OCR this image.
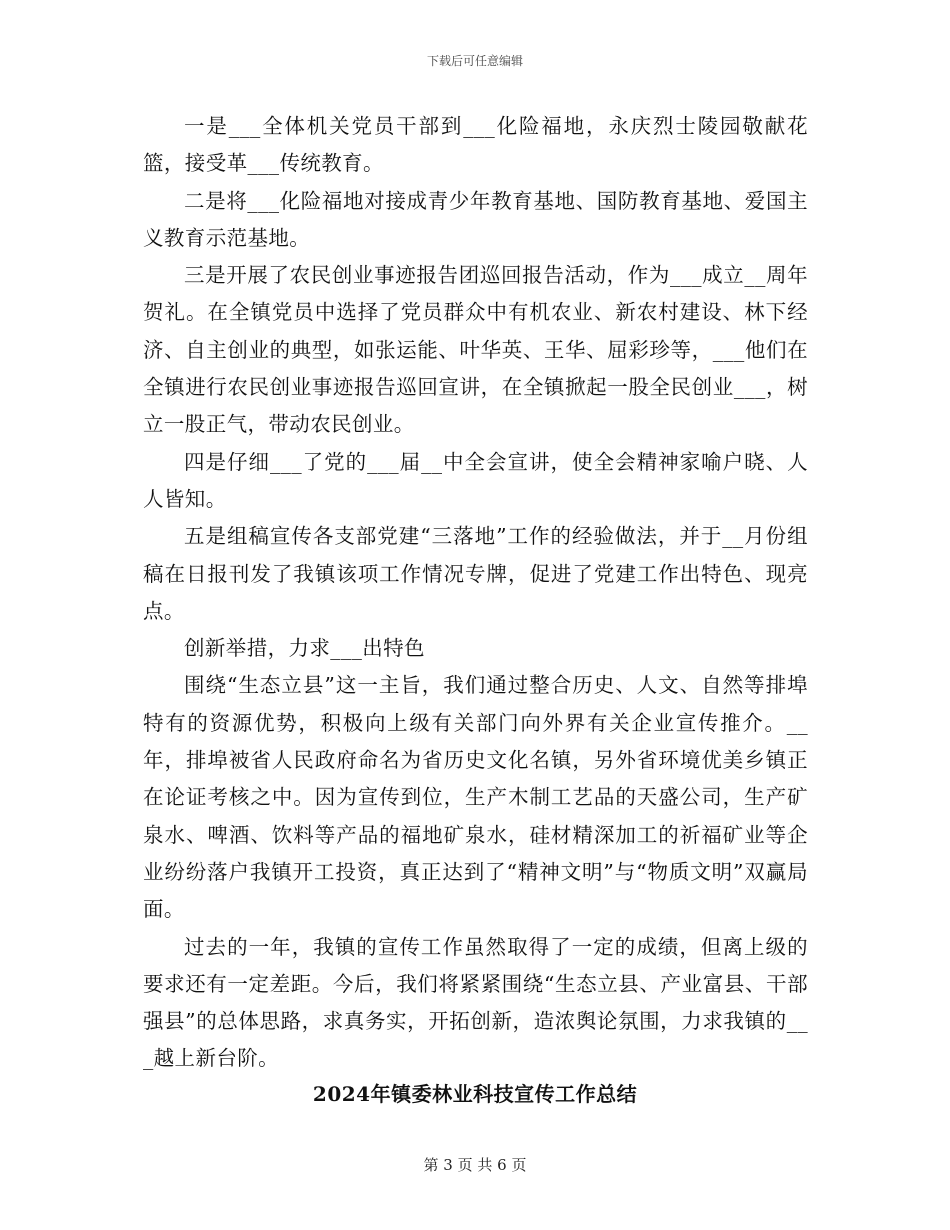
下载后可任意编辑

一是___全体机关党员干部到___化险福地，永庆烈士陵园敬献花篮，接受革___传统教育。

二是将___化险福地对接成青少年教育基地、国防教育基地、爱国主义教育示范基地。

三是开展了农民创业事迹报告团巡回报告活动，作为___成立__周年贺礼。在全镇党员中选择了党员群众中有机农业、新农村建设、林下经济、自主创业的典型，如张运能、叶华英、王华、屈彩珍等，___他们在全镇进行农民创业事迹报告巡回宣讲，在全镇掀起一股全民创业___，树立一股正气，带动农民创业。

四是仔细___了党的___届__中全会宣讲，使全会精神家喻户晓、人人皆知。

五是组稿宣传各支部党建“三落地”工作的经验做法，并于__月份组稿在日报刊发了我镇该项工作情况专牌，促进了党建工作出特色、现亮点。

创新举措，力求___出特色

围绕“生态立县”这一主旨，我们通过整合历史、人文、自然等排埠特有的资源优势，积极向上级有关部门向外界有关企业宣传推介。__年，排埠被省人民政府命名为省历史文化名镇，另外省环境优美乡镇正在论证考核之中。因为宣传到位，生产木制工艺品的天盛公司，生产矿泉水、啤酒、饮料等产品的福地矿泉水，硅材精深加工的祈福矿业等企业纷纷落户我镇开工投资，真正达到了“精神文明”与“物质文明”双赢局面。

过去的一年，我镇的宣传工作虽然取得了一定的成绩，但离上级的要求还有一定差距。今后，我们将紧紧围绕“生态立县、产业富县、干部强县”的总体思路，求真务实，开拓创新，造浓舆论氛围，力求我镇的___越上新台阶。

2024年镇委林业科技宣传工作总结
第 3 页 共 6 页
